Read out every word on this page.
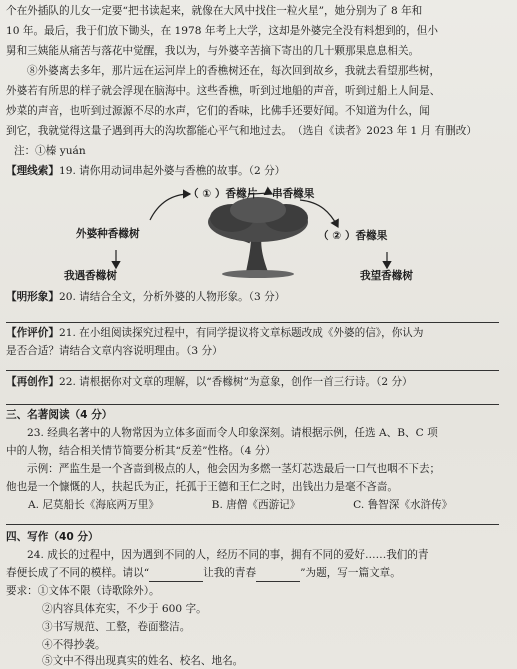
个在外插队的儿女一定要“把书读起来，就像在大风中找住一粒火星”，她分别为了 8 年和
10 年。最后，我于们放下锄头，在 1978 年考上大学，这却是外婆完全没有料想到的，但小
舅和三姨能从痛苦与落花中觉醒，我以为，与外婆辛苦摘下寄出的几十颗那果息息相关。
⑧外婆离去多年，那片远在运河岸上的香樵树还在，每次回到故乡，我就去看望那些树，
外婆若有所思的样子就会浮现在脑海中。这些香樵，听到过地船的声音，听到过船上人间是、
炒菜的声音，也听到过源源不尽的水声，它们的香味，比佛手还要好闻。不知道为什么，闻
到它，我就觉得这量子遇到再大的沟坎都能心平气和地过去。 （选自《读者》2023 年 1 月 有删改）
注：①榛 yuán
【理线索】19. 请你用动词串起外婆与香樵的故事。（2 分）
（ ① ）香橼片 串香橼果
外婆种香橼树	（ ② ）香橼果
我遇香橼树	我望香橼树
【明形象】20. 请结合全文，分析外婆的人物形象。（3 分）
【作评价】21. 在小组阅读探究过程中，有同学提议将文章标题改成《外婆的信》，你认为
是否合适？请结合文章内容说明理由。（3 分）
【再创作】22. 请根据你对文章的理解，以“香橼树”为意象，创作一首三行诗。（2 分）
三、名著阅读（4 分）
23. 经典名著中的人物常因为立体多面而令人印象深刻。请根据示例，任选 A、B、C 项
中的人物，结合相关情节简要分析其“反差”性格。（4 分）
示例：严监生是一个吝啬到极点的人，他会因为多燃一茎灯芯迭最后一口气也咽不下去；
他也是一个慷慨的人，扶起氏为正，托孤于王德和王仁之时，出钱出力是毫不吝啬。
A. 尼莫船长《海底两万里》	B. 唐僧《西游记》	C. 鲁智深《水浒传》
四、写作（40 分）
24. 成长的过程中，因为遇到不同的人，经历不同的事，拥有不同的爱好……我们的青
春便长成了不同的模样。请以“	让我的青春	”为题，写一篇文章。
要求：①文体不限（诗歌除外）。
②内容具体充实，不少于 600 字。
③书写规范、工整，卷面整洁。
④不得抄袭。
⑤文中不得出现真实的姓名、校名、地名。
